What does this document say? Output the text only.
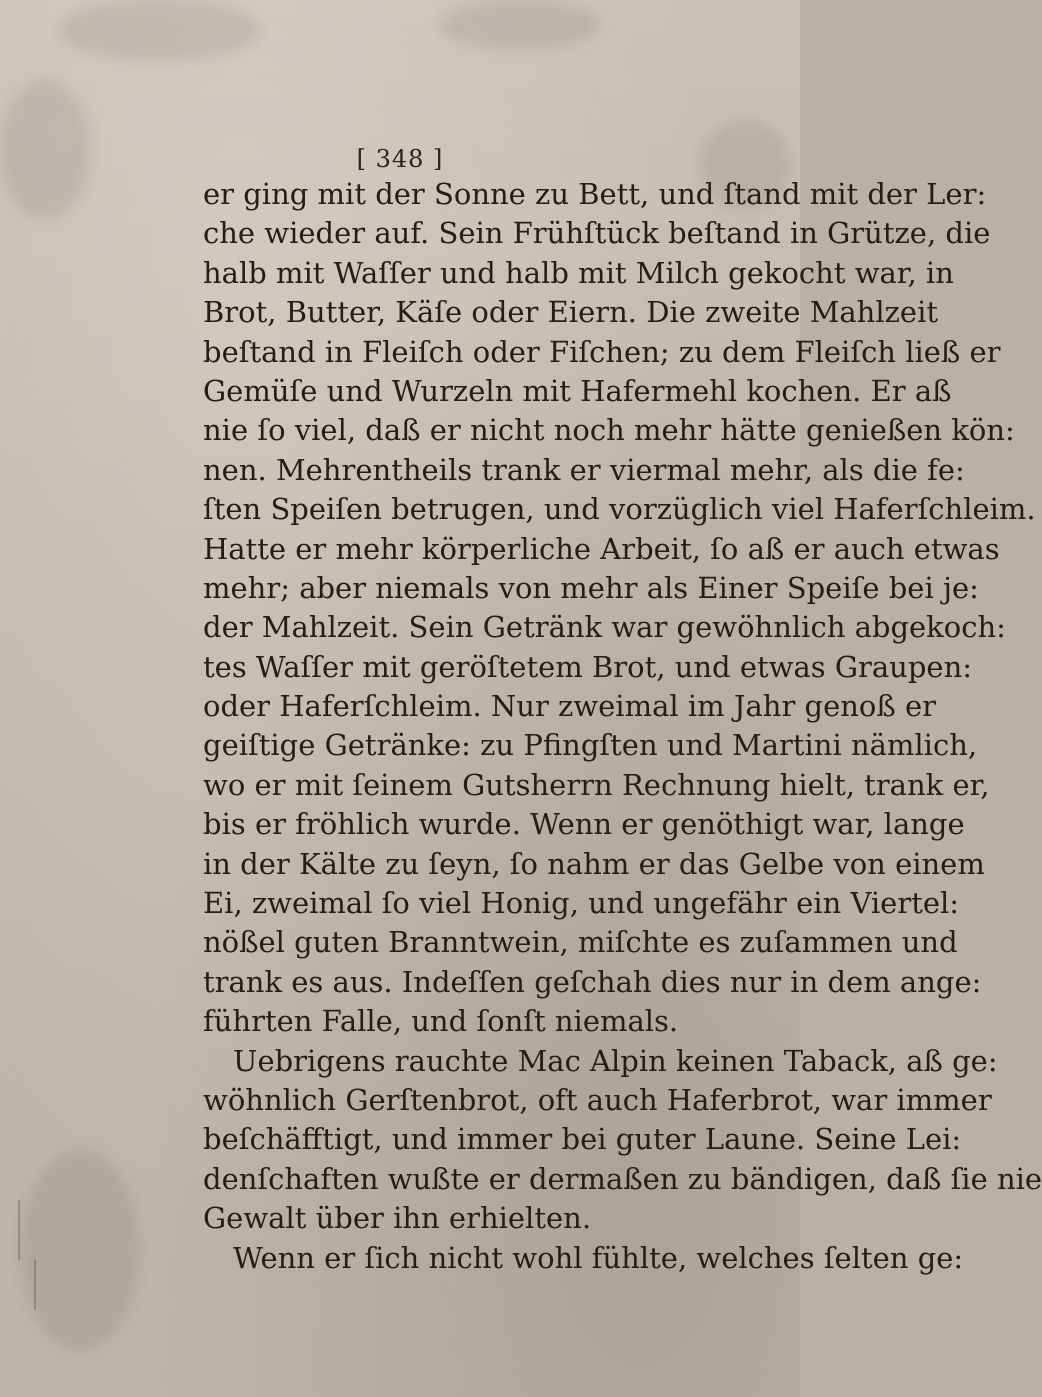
[ 348 ]
er ging mit der Sonne zu Bett, und ſtand mit der Ler:
che wieder auf. Sein Frühſtück beſtand in Grütze, die
halb mit Waſſer und halb mit Milch gekocht war, in
Brot, Butter, Käſe oder Eiern. Die zweite Mahlzeit
beſtand in Fleiſch oder Fiſchen; zu dem Fleiſch ließ er
Gemüſe und Wurzeln mit Hafermehl kochen. Er aß
nie ſo viel, daß er nicht noch mehr hätte genießen kön:
nen. Mehrentheils trank er viermal mehr, als die fe:
ſten Speiſen betrugen, und vorzüglich viel Haferſchleim.
Hatte er mehr körperliche Arbeit, ſo aß er auch etwas
mehr; aber niemals von mehr als Einer Speiſe bei je:
der Mahlzeit. Sein Getränk war gewöhnlich abgekoch:
tes Waſſer mit geröſtetem Brot, und etwas Graupen:
oder Haferſchleim. Nur zweimal im Jahr genoß er
geiſtige Getränke: zu Pfingſten und Martini nämlich,
wo er mit ſeinem Gutsherrn Rechnung hielt, trank er,
bis er fröhlich wurde. Wenn er genöthigt war, lange
in der Kälte zu ſeyn, ſo nahm er das Gelbe von einem
Ei, zweimal ſo viel Honig, und ungefähr ein Viertel:
nößel guten Branntwein, miſchte es zuſammen und
trank es aus. Indeſſen geſchah dies nur in dem ange:
führten Falle, und ſonſt niemals.
Uebrigens rauchte Mac Alpin keinen Taback, aß ge:
wöhnlich Gerſtenbrot, oft auch Haferbrot, war immer
beſchäfftigt, und immer bei guter Laune. Seine Lei:
denſchaften wußte er dermaßen zu bändigen, daß ſie nie
Gewalt über ihn erhielten.
Wenn er ſich nicht wohl fühlte, welches ſelten ge:
